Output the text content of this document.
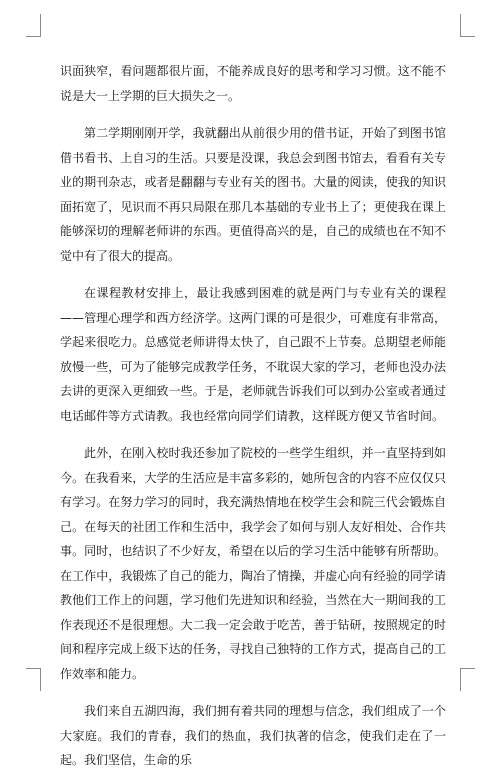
识面狭窄，看问题都很片面，不能养成良好的思考和学习习惯。这不能不说是大一上学期的巨大损失之一。

第二学期刚刚开学，我就翻出从前很少用的借书证，开始了到图书馆借书看书、上自习的生活。只要是没课，我总会到图书馆去，看看有关专业的期刊杂志，或者是翻翻与专业有关的图书。大量的阅读，使我的知识面拓宽了，见识而不再只局限在那几本基础的专业书上了；更使我在课上能够深切的理解老师讲的东西。更值得高兴的是，自己的成绩也在不知不觉中有了很大的提高。

在课程教材安排上，最让我感到困难的就是两门与专业有关的课程——管理心理学和西方经济学。这两门课的可是很少，可难度有非常高，学起来很吃力。总感觉老师讲得太快了，自己跟不上节奏。总期望老师能放慢一些，可为了能够完成教学任务，不耽误大家的学习，老师也没办法去讲的更深入更细致一些。于是，老师就告诉我们可以到办公室或者通过电话邮件等方式请教。我也经常向同学们请教，这样既方便又节省时间。

此外，在刚入校时我还参加了院校的一些学生组织，并一直坚持到如今。在我看来，大学的生活应是丰富多彩的，她所包含的内容不应仅仅只有学习。在努力学习的同时，我充满热情地在校学生会和院三代会锻炼自己。在每天的社团工作和生活中，我学会了如何与别人友好相处、合作共事。同时，也结识了不少好友，希望在以后的学习生活中能够有所帮助。在工作中，我锻炼了自己的能力，陶冶了情操，并虚心向有经验的同学请教他们工作上的问题，学习他们先进知识和经验，当然在大一期间我的工作表现还不是很理想。大二我一定会敢于吃苦，善于钻研，按照规定的时间和程序完成上级下达的任务，寻找自己独特的工作方式，提高自己的工作效率和能力。

我们来自五湖四海，我们拥有着共同的理想与信念，我们组成了一个大家庭。我们的青春，我们的热血，我们执著的信念，使我们走在了一起。我们坚信，生命的乐
